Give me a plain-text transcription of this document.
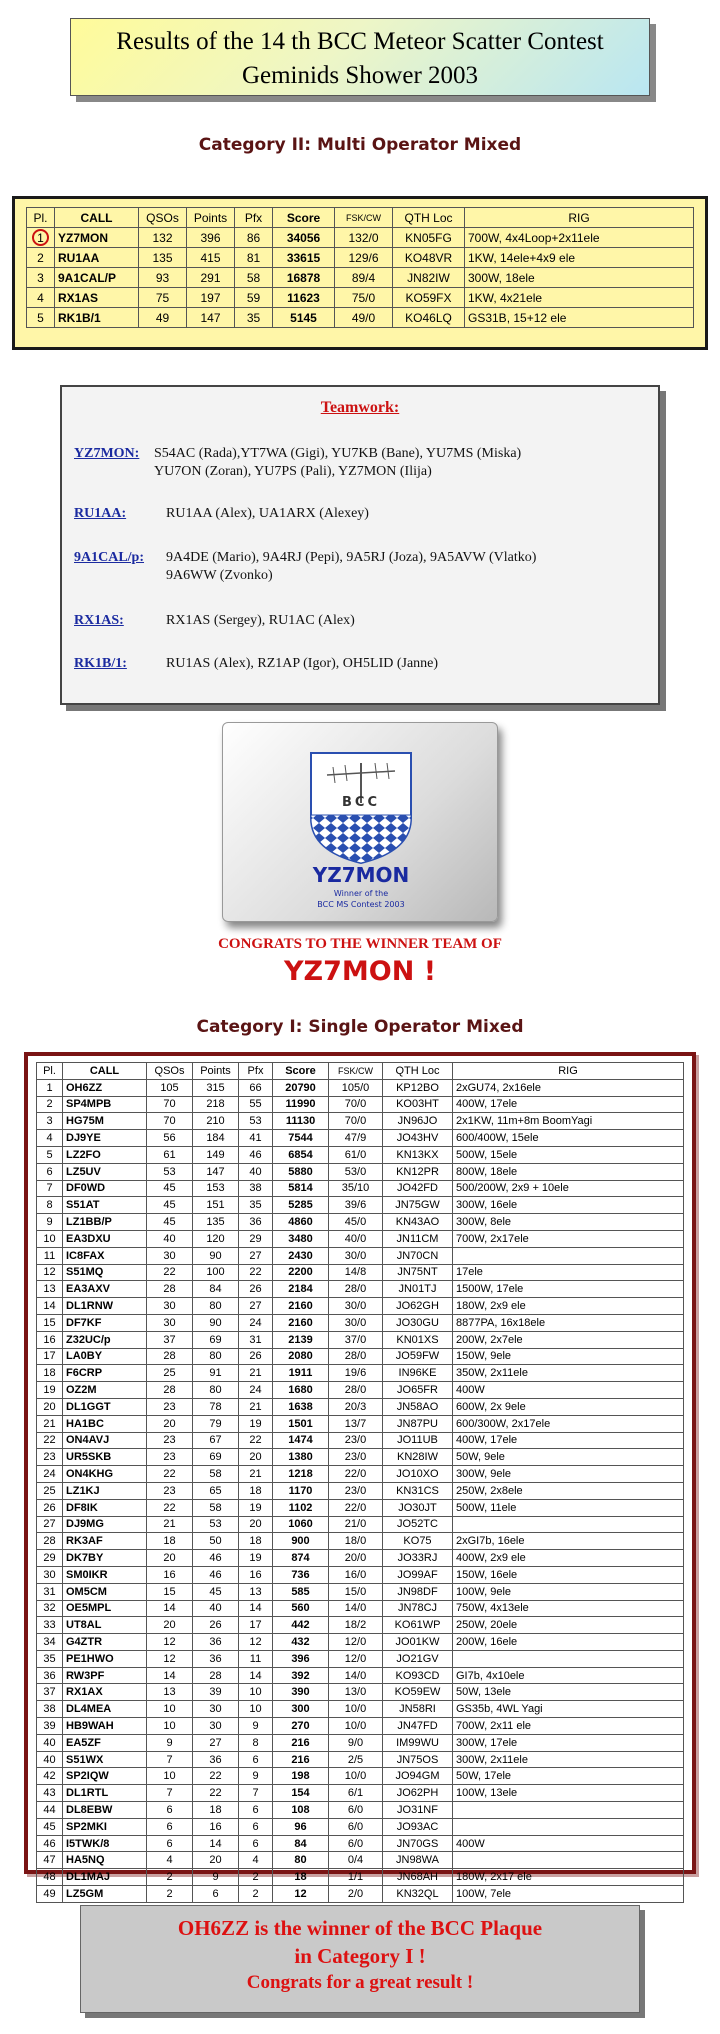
Results of the 14 th BCC Meteor Scatter Contest
Geminids Shower 2003
Category II: Multi Operator Mixed
Pl.	CALL	QSOs	Points	Pfx	Score	FSK/CW	QTH Loc	RIG
1	YZ7MON	132	396	86	34056	132/0	KN05FG	700W, 4x4Loop+2x11ele
2	RU1AA	135	415	81	33615	129/6	KO48VR	1KW, 14ele+4x9 ele
3	9A1CAL/P	93	291	58	16878	89/4	JN82IW	300W, 18ele
4	RX1AS	75	197	59	11623	75/0	KO59FX	1KW, 4x21ele
5	RK1B/1	49	147	35	5145	49/0	KO46LQ	GS31B, 15+12 ele
Teamwork:
YZ7MON: S54AC (Rada),YT7WA (Gigi), YU7KB (Bane), YU7MS (Miska)
YU7ON (Zoran), YU7PS (Pali), YZ7MON (Ilija)
RU1AA:	RU1AA (Alex), UA1ARX (Alexey)
9A1CAL/p: 9A4DE (Mario), 9A4RJ (Pepi), 9A5RJ (Joza), 9A5AVW (Vlatko)
9A6WW (Zvonko)
RX1AS:	RX1AS (Sergey), RU1AC (Alex)
RK1B/1:	RU1AS (Alex), RZ1AP (Igor), OH5LID (Janne)
BCC
YZ7MON
Winner of the
BCC MS Contest 2003
CONGRATS TO THE WINNER TEAM OF
YZ7MON !
Category I: Single Operator Mixed
Pl.	CALL	QSOs	Points	Pfx	Score	FSK/CW	QTH Loc	RIG
1	OH6ZZ	105	315	66	20790	105/0	KP12BO	2xGU74, 2x16ele
2	SP4MPB	70	218	55	11990	70/0	KO03HT	400W, 17ele
3	HG75M	70	210	53	11130	70/0	JN96JO	2x1KW, 11m+8m BoomYagi
4	DJ9YE	56	184	41	7544	47/9	JO43HV	600/400W, 15ele
5	LZ2FO	61	149	46	6854	61/0	KN13KX	500W, 15ele
6	LZ5UV	53	147	40	5880	53/0	KN12PR	800W, 18ele
7	DF0WD	45	153	38	5814	35/10	JO42FD	500/200W, 2x9 + 10ele
8	S51AT	45	151	35	5285	39/6	JN75GW	300W, 16ele
9	LZ1BB/P	45	135	36	4860	45/0	KN43AO	300W, 8ele
10	EA3DXU	40	120	29	3480	40/0	JN11CM	700W, 2x17ele
11	IC8FAX	30	90	27	2430	30/0	JN70CN	
12	S51MQ	22	100	22	2200	14/8	JN75NT	17ele
13	EA3AXV	28	84	26	2184	28/0	JN01TJ	1500W, 17ele
14	DL1RNW	30	80	27	2160	30/0	JO62GH	180W, 2x9 ele
15	DF7KF	30	90	24	2160	30/0	JO30GU	8877PA, 16x18ele
16	Z32UC/p	37	69	31	2139	37/0	KN01XS	200W, 2x7ele
17	LA0BY	28	80	26	2080	28/0	JO59FW	150W, 9ele
18	F6CRP	25	91	21	1911	19/6	IN96KE	350W, 2x11ele
19	OZ2M	28	80	24	1680	28/0	JO65FR	400W
20	DL1GGT	23	78	21	1638	20/3	JN58AO	600W, 2x 9ele
21	HA1BC	20	79	19	1501	13/7	JN87PU	600/300W, 2x17ele
22	ON4AVJ	23	67	22	1474	23/0	JO11UB	400W, 17ele
23	UR5SKB	23	69	20	1380	23/0	KN28IW	50W, 9ele
24	ON4KHG	22	58	21	1218	22/0	JO10XO	300W, 9ele
25	LZ1KJ	23	65	18	1170	23/0	KN31CS	250W, 2x8ele
26	DF8IK	22	58	19	1102	22/0	JO30JT	500W, 11ele
27	DJ9MG	21	53	20	1060	21/0	JO52TC	
28	RK3AF	18	50	18	900	18/0	KO75	2xGI7b, 16ele
29	DK7BY	20	46	19	874	20/0	JO33RJ	400W, 2x9 ele
30	SM0IKR	16	46	16	736	16/0	JO99AF	150W, 16ele
31	OM5CM	15	45	13	585	15/0	JN98DF	100W, 9ele
32	OE5MPL	14	40	14	560	14/0	JN78CJ	750W, 4x13ele
33	UT8AL	20	26	17	442	18/2	KO61WP	250W, 20ele
34	G4ZTR	12	36	12	432	12/0	JO01KW	200W, 16ele
35	PE1HWO	12	36	11	396	12/0	JO21GV	
36	RW3PF	14	28	14	392	14/0	KO93CD	GI7b, 4x10ele
37	RX1AX	13	39	10	390	13/0	KO59EW	50W, 13ele
38	DL4MEA	10	30	10	300	10/0	JN58RI	GS35b, 4WL Yagi
39	HB9WAH	10	30	9	270	10/0	JN47FD	700W, 2x11 ele
40	EA5ZF	9	27	8	216	9/0	IM99WU	300W, 17ele
40	S51WX	7	36	6	216	2/5	JN75OS	300W, 2x11ele
42	SP2IQW	10	22	9	198	10/0	JO94GM	50W, 17ele
43	DL1RTL	7	22	7	154	6/1	JO62PH	100W, 13ele
44	DL8EBW	6	18	6	108	6/0	JO31NF	
45	SP2MKI	6	16	6	96	6/0	JO93AC	
46	I5TWK/8	6	14	6	84	6/0	JN70GS	400W
47	HA5NQ	4	20	4	80	0/4	JN98WA	
48	DL1MAJ	2	9	2	18	1/1	JN68AH	180W, 2x17 ele
49	LZ5GM	2	6	2	12	2/0	KN32QL	100W, 7ele
OH6ZZ is the winner of the BCC Plaque
in Category I !
Congrats for a great result !
